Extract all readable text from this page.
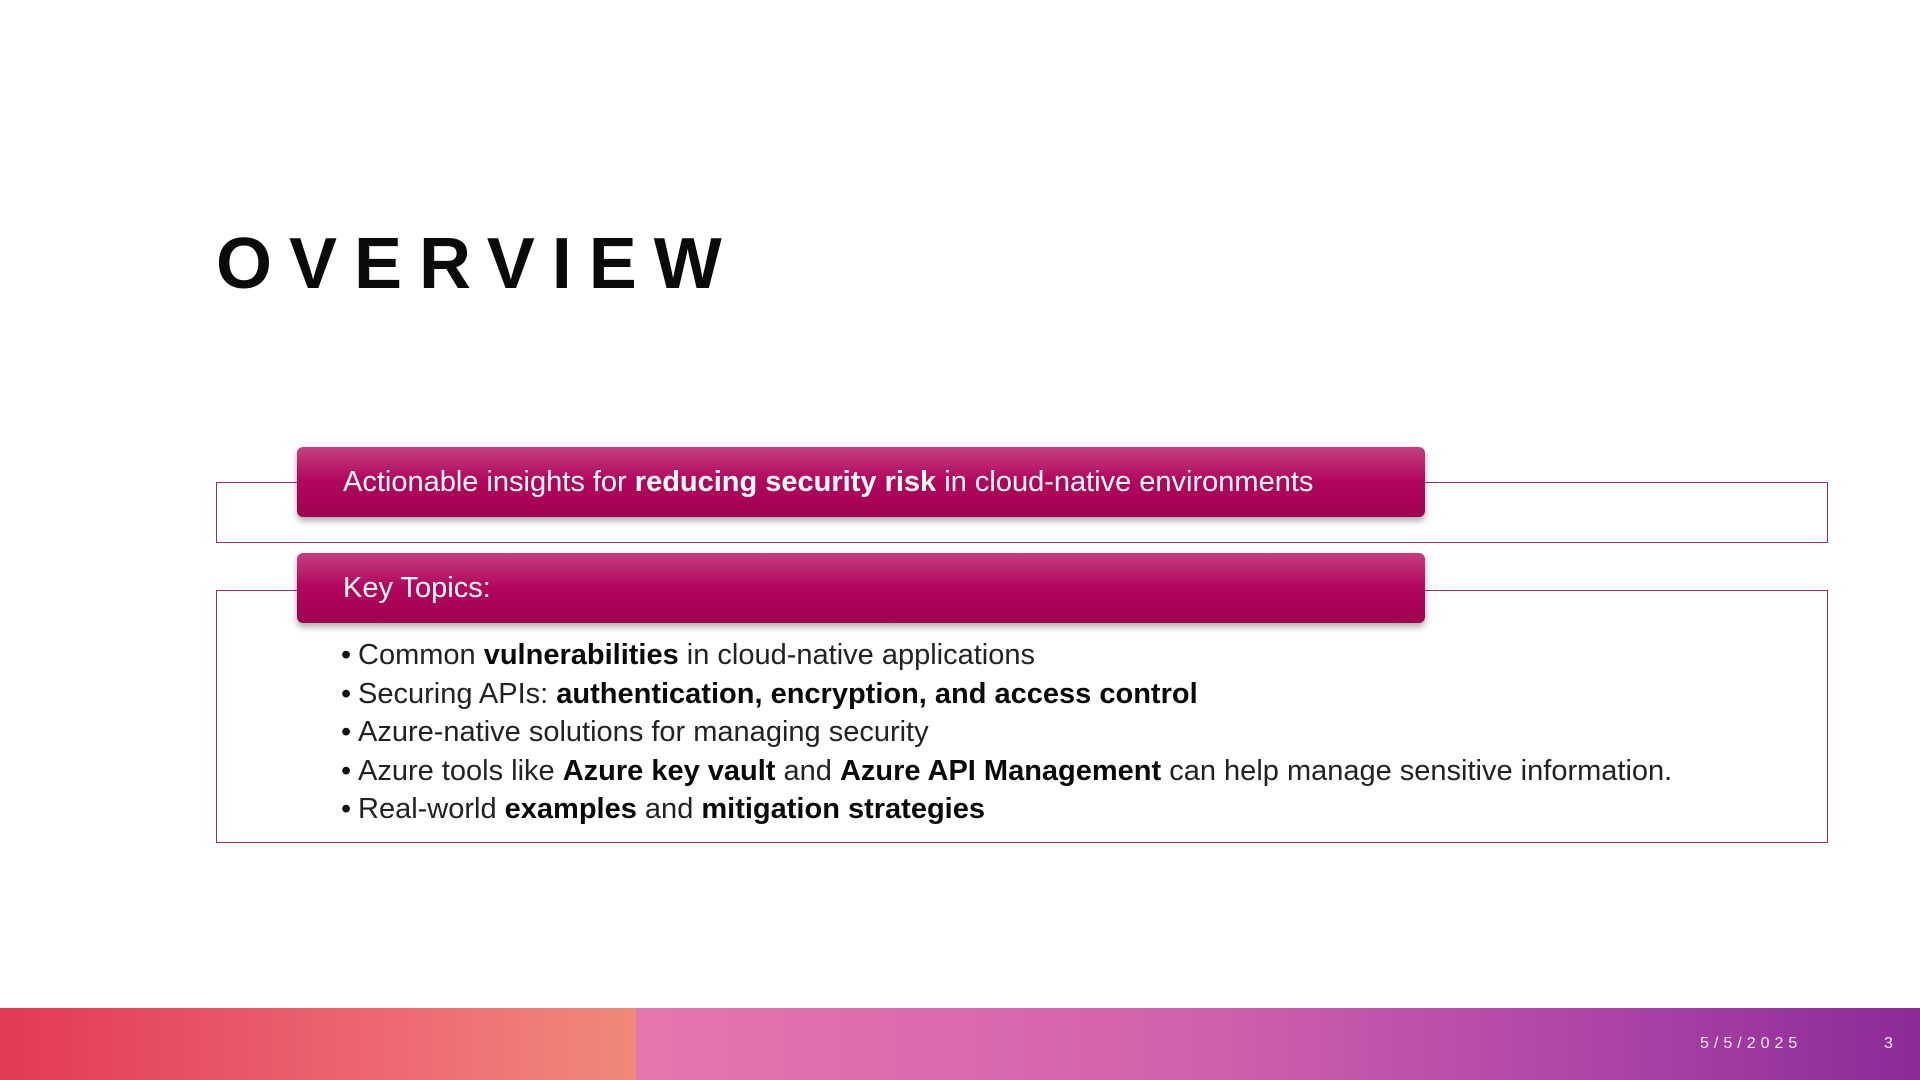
OVERVIEW
Actionable insights for reducing security risk in cloud-native environments
Key Topics:
• Common vulnerabilities in cloud-native applications
• Securing APIs: authentication, encryption, and access control
• Azure-native solutions for managing security
• Azure tools like Azure key vault and Azure API Management can help manage sensitive information.
• Real-world examples and mitigation strategies
5/5/2025	3
